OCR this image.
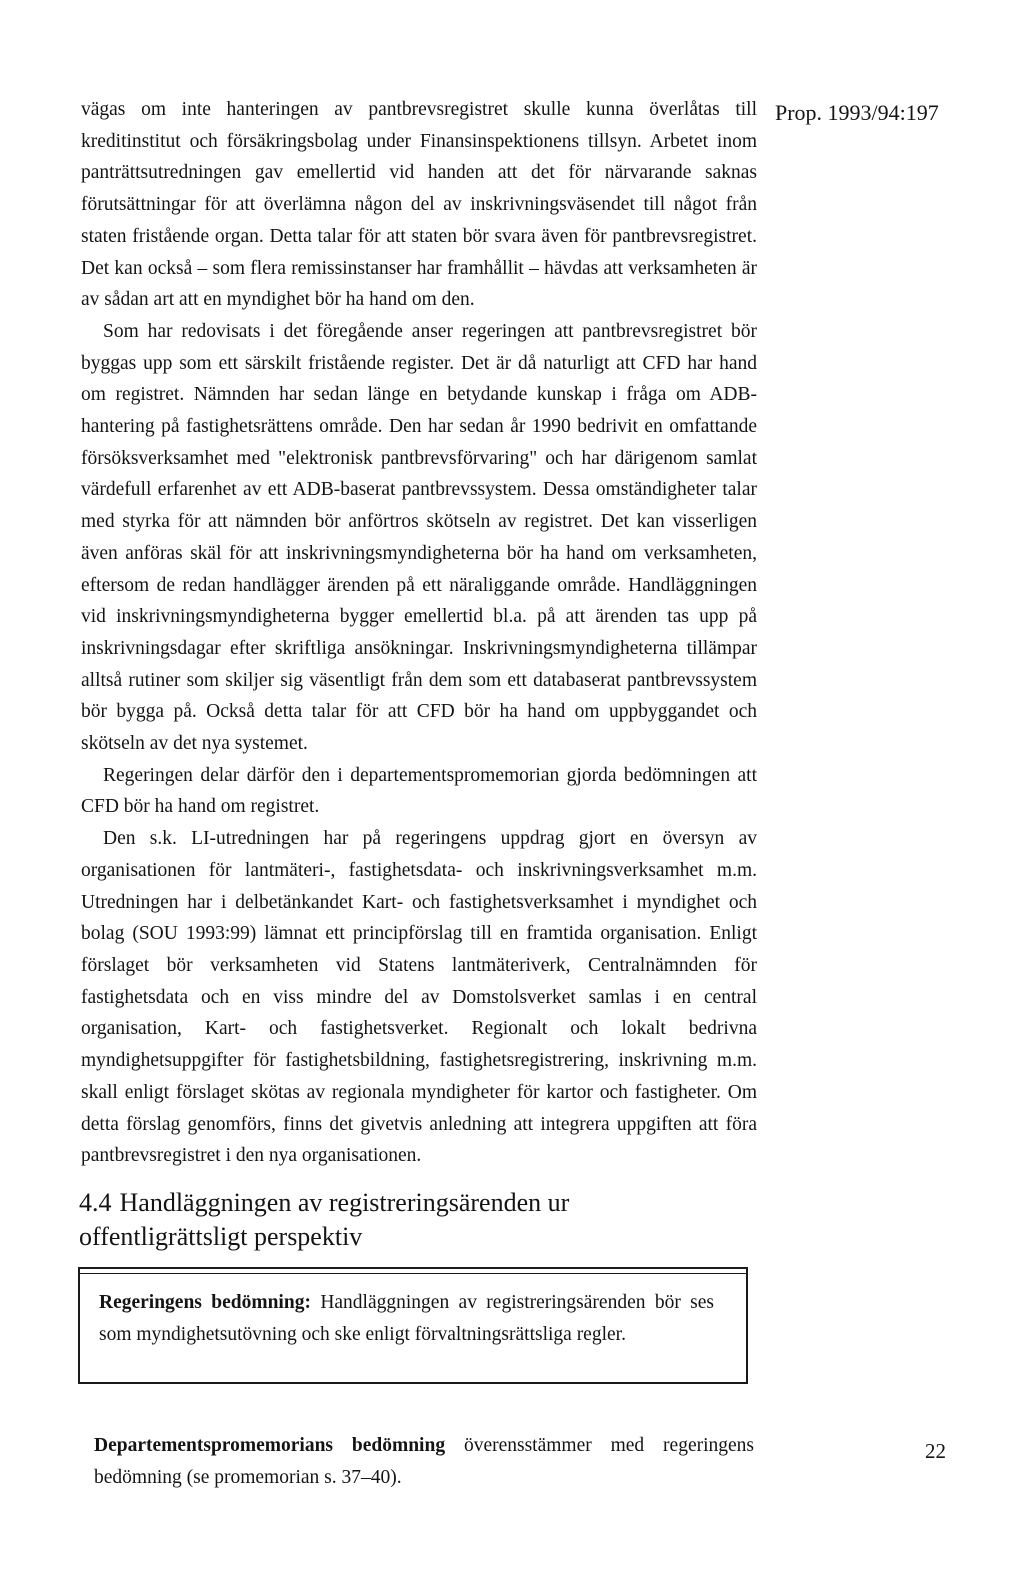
Prop. 1993/94:197

vägas om inte hanteringen av pantbrevsregistret skulle kunna överlåtas till kreditinstitut och försäkringsbolag under Finansinspektionens tillsyn. Arbetet inom panträttsutredningen gav emellertid vid handen att det för närvarande saknas förutsättningar för att överlämna någon del av inskrivningsväsendet till något från staten fristående organ. Detta talar för att staten bör svara även för pantbrevsregistret. Det kan också – som flera remissinstanser har framhållit – hävdas att verksamheten är av sådan art att en myndighet bör ha hand om den.

Som har redovisats i det föregående anser regeringen att pantbrevsregistret bör byggas upp som ett särskilt fristående register. Det är då naturligt att CFD har hand om registret. Nämnden har sedan länge en betydande kunskap i fråga om ADB-hantering på fastighetsrättens område. Den har sedan år 1990 bedrivit en omfattande försöksverksamhet med "elektronisk pantbrevsförvaring" och har därigenom samlat värdefull erfarenhet av ett ADB-baserat pantbrevssystem. Dessa omständigheter talar med styrka för att nämnden bör anförtros skötseln av registret. Det kan visserligen även anföras skäl för att inskrivningsmyndigheterna bör ha hand om verksamheten, eftersom de redan handlägger ärenden på ett näraliggande område. Handläggningen vid inskrivningsmyndigheterna bygger emellertid bl.a. på att ärenden tas upp på inskrivningsdagar efter skriftliga ansökningar. Inskrivningsmyndigheterna tillämpar alltså rutiner som skiljer sig väsentligt från dem som ett databaserat pantbrevssystem bör bygga på. Också detta talar för att CFD bör ha hand om uppbyggandet och skötseln av det nya systemet.

Regeringen delar därför den i departementspromemorian gjorda bedömningen att CFD bör ha hand om registret.

Den s.k. LI-utredningen har på regeringens uppdrag gjort en översyn av organisationen för lantmäteri-, fastighetsdata- och inskrivningsverksamhet m.m. Utredningen har i delbetänkandet Kart- och fastighetsverksamhet i myndighet och bolag (SOU 1993:99) lämnat ett principförslag till en framtida organisation. Enligt förslaget bör verksamheten vid Statens lantmäteriverk, Centralnämnden för fastighetsdata och en viss mindre del av Domstolsverket samlas i en central organisation, Kart- och fastighetsverket. Regionalt och lokalt bedrivna myndighetsuppgifter för fastighetsbildning, fastighetsregistrering, inskrivning m.m. skall enligt förslaget skötas av regionala myndigheter för kartor och fastigheter. Om detta förslag genomförs, finns det givetvis anledning att integrera uppgiften att föra pantbrevsregistret i den nya organisationen.

4.4 Handläggningen av registreringsärenden ur offentligrättsligt perspektiv
Regeringens bedömning: Handläggningen av registreringsärenden bör ses som myndighetsutövning och ske enligt förvaltningsrättsliga regler.
Departementspromemorians bedömning överensstämmer med regeringens bedömning (se promemorian s. 37–40).
22
